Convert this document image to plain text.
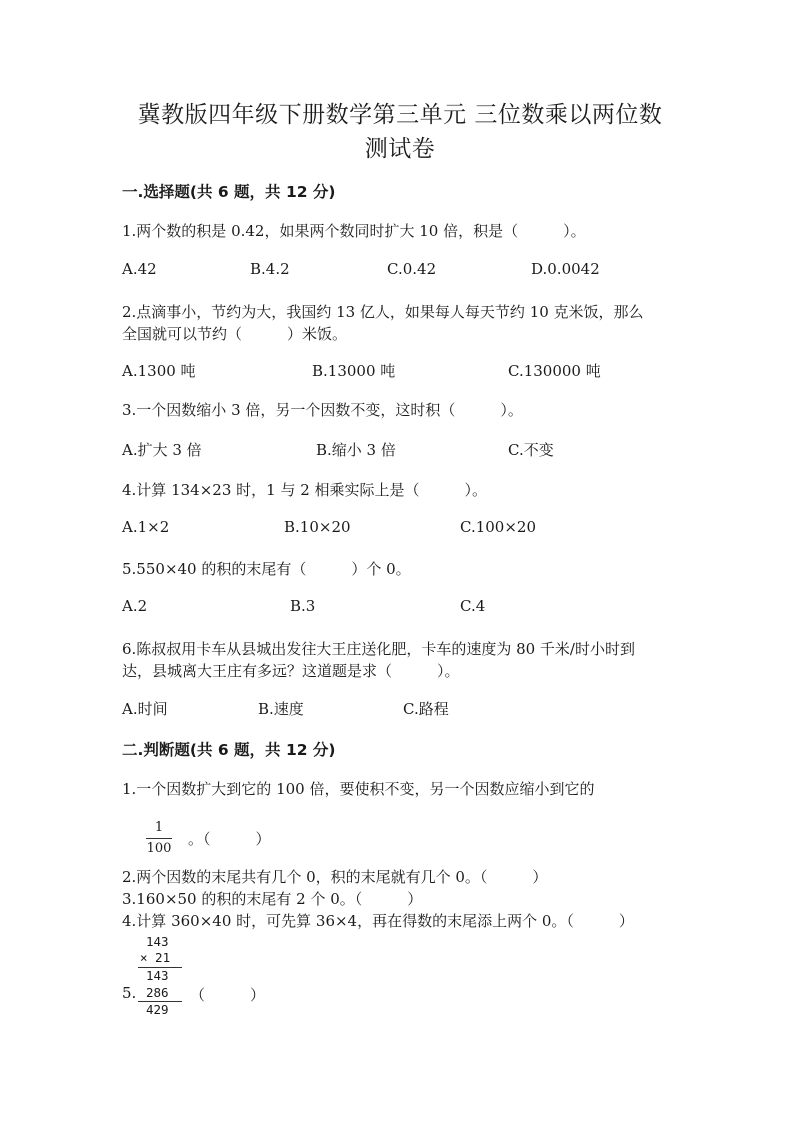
冀教版四年级下册数学第三单元 三位数乘以两位数
测试卷
一.选择题(共 6 题，共 12 分)
1.两个数的积是 0.42，如果两个数同时扩大 10 倍，积是（　　　）。
A.42	B.4.2	C.0.42	D.0.0042
2.点滴事小，节约为大，我国约 13 亿人，如果每人每天节约 10 克米饭，那么
全国就可以节约（　　　）米饭。
A.1300 吨	B.13000 吨	C.130000 吨
3.一个因数缩小 3 倍，另一个因数不变，这时积（　　　）。
A.扩大 3 倍	B.缩小 3 倍	C.不变
4.计算 134×23 时，1 与 2 相乘实际上是（　　　）。
A.1×2	B.10×20	C.100×20
5.550×40 的积的末尾有（　　　）个 0。
A.2	B.3	C.4
6.陈叔叔用卡车从县城出发往大王庄送化肥，卡车的速度为 80 千米/时小时到
达，县城离大王庄有多远？这道题是求（　　　）。
A.时间	B.速度	C.路程
二.判断题(共 6 题，共 12 分)
1.一个因数扩大到它的 100 倍，要使积不变，另一个因数应缩小到它的
1
100
。（　　　）
2.两个因数的末尾共有几个 0，积的末尾就有几个 0。（　　　）
3.160×50 的积的末尾有 2 个 0。（　　　）
4.计算 360×40 时，可先算 36×4，再在得数的末尾添上两个 0。（　　　）
143
× 21
143
5. 286 （　　　）
429
